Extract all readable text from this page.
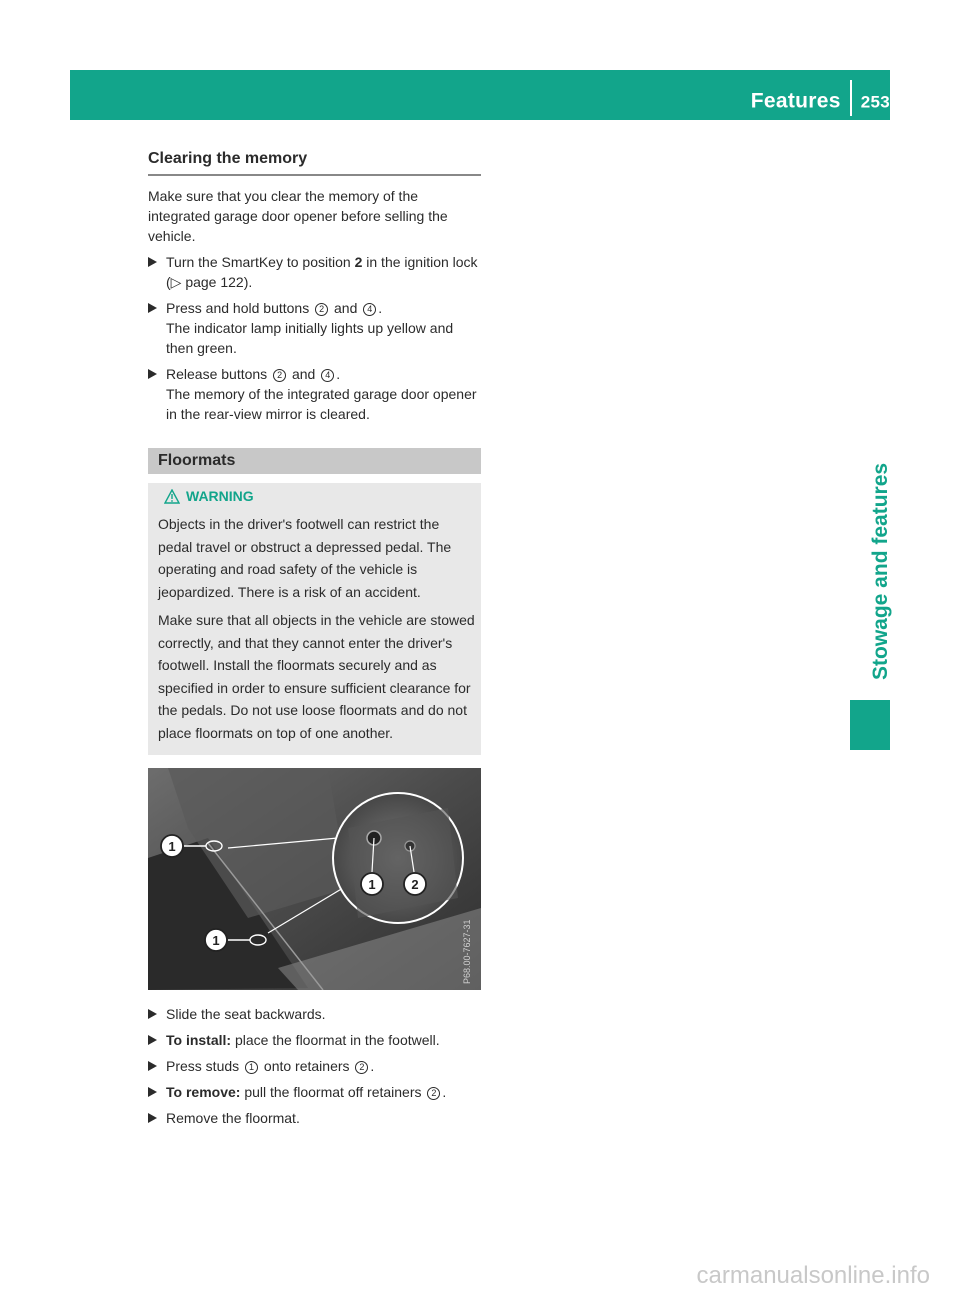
Features 253
Stowage and features
Clearing the memory

Make sure that you clear the memory of the integrated garage door opener before selling the vehicle.

Turn the SmartKey to position 2 in the ignition lock (▷ page 122).
Press and hold buttons 2 and 4 .
The indicator lamp initially lights up yellow and then green.
Release buttons 2 and 4 .
The memory of the integrated garage door opener in the rear-view mirror is cleared.
Floormats
WARNING

Objects in the driver's footwell can restrict the pedal travel or obstruct a depressed pedal. The operating and road safety of the vehicle is jeopardized. There is a risk of an accident.

Make sure that all objects in the vehicle are stowed correctly, and that they cannot enter the driver's footwell. Install the floormats securely and as specified in order to ensure sufficient clearance for the pedals. Do not use loose floormats and do not place floormats on top of one another.

1
1
1	2
P68.00-7627-31
Slide the seat backwards.
To install: place the floormat in the footwell.
Press studs 1 onto retainers 2 .
To remove: pull the floormat off retainers 2 .
Remove the floormat.
carmanualsonline.info
